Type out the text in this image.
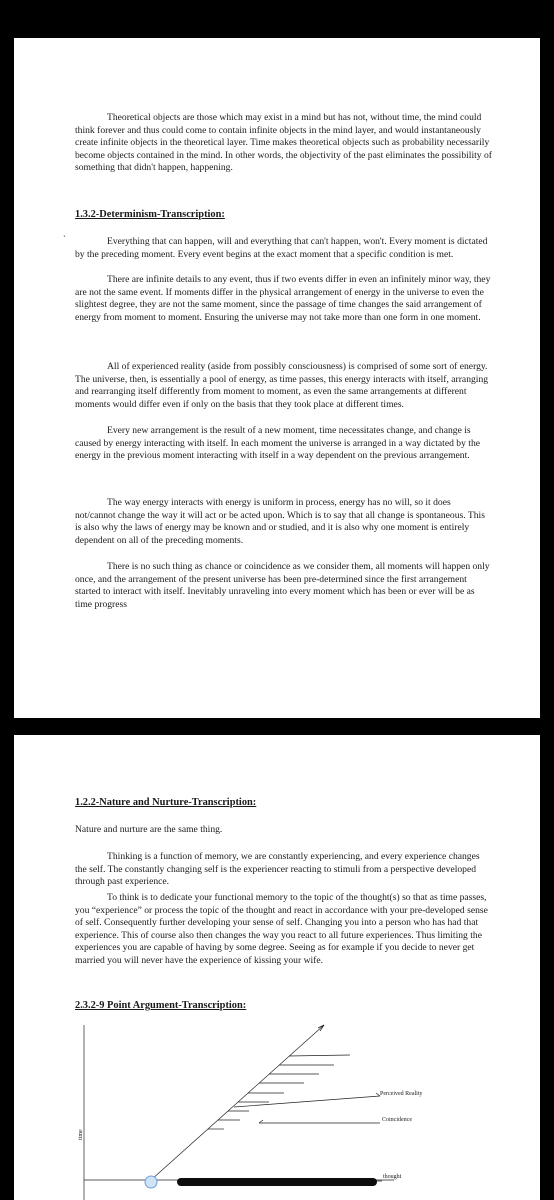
Theoretical objects are those which may exist in a mind but has not, without time, the mind could think forever and thus could come to contain infinite objects in the mind layer, and would instantaneously create infinite objects in the theoretical layer. Time makes theoretical objects such as probability necessarily become objects contained in the mind. In other words, the objectivity of the past eliminates the possibility of something that didn't happen, happening.

1.3.2-Determinism-Transcription:

`	Everything that can happen, will and everything that can't happen, won't. Every moment is dictated by the preceding moment. Every event begins at the exact moment that a specific condition is met.

There are infinite details to any event, thus if two events differ in even an infinitely minor way, they are not the same event. If moments differ in the physical arrangement of energy in the universe to even the slightest degree, they are not the same moment, since the passage of time changes the said arrangement of energy from moment to moment. Ensuring the universe may not take more than one form in one moment.

All of experienced reality (aside from possibly consciousness) is comprised of some sort of energy. The universe, then, is essentially a pool of energy, as time passes, this energy interacts with itself, arranging and rearranging itself differently from moment to moment, as even the same arrangements at different moments would differ even if only on the basis that they took place at different times.

Every new arrangement is the result of a new moment, time necessitates change, and change is caused by energy interacting with itself. In each moment the universe is arranged in a way dictated by the energy in the previous moment interacting with itself in a way dependent on the previous arrangement.

The way energy interacts with energy is uniform in process, energy has no will, so it does not/cannot change the way it will act or be acted upon. Which is to say that all change is spontaneous. This is also why the laws of energy may be known and or studied, and it is also why one moment is entirely dependent on all of the preceding moments.

There is no such thing as chance or coincidence as we consider them, all moments will happen only once, and the arrangement of the present universe has been pre-determined since the first arrangement started to interact with itself. Inevitably unraveling into every moment which has been or ever will be as time progress

1.2.2-Nature and Nurture-Transcription:

Nature and nurture are the same thing.

Thinking is a function of memory, we are constantly experiencing, and every experience changes the self. The constantly changing self is the experiencer reacting to stimuli from a perspective developed through past experience.

To think is to dedicate your functional memory to the topic of the thought(s) so that as time passes, you “experience” or process the topic of the thought and react in accordance with your pre-developed sense of self. Consequently further developing your sense of self. Changing you into a person who has had that experience. This of course also then changes the way you react to all future experiences. Thus limiting the experiences you are capable of having by some degree. Seeing as for example if you decide to never get married you will never have the experience of kissing your wife.

2.3.2-9 Point Argument-Transcription:

Perceived Reality
Coincidence
thought
time
